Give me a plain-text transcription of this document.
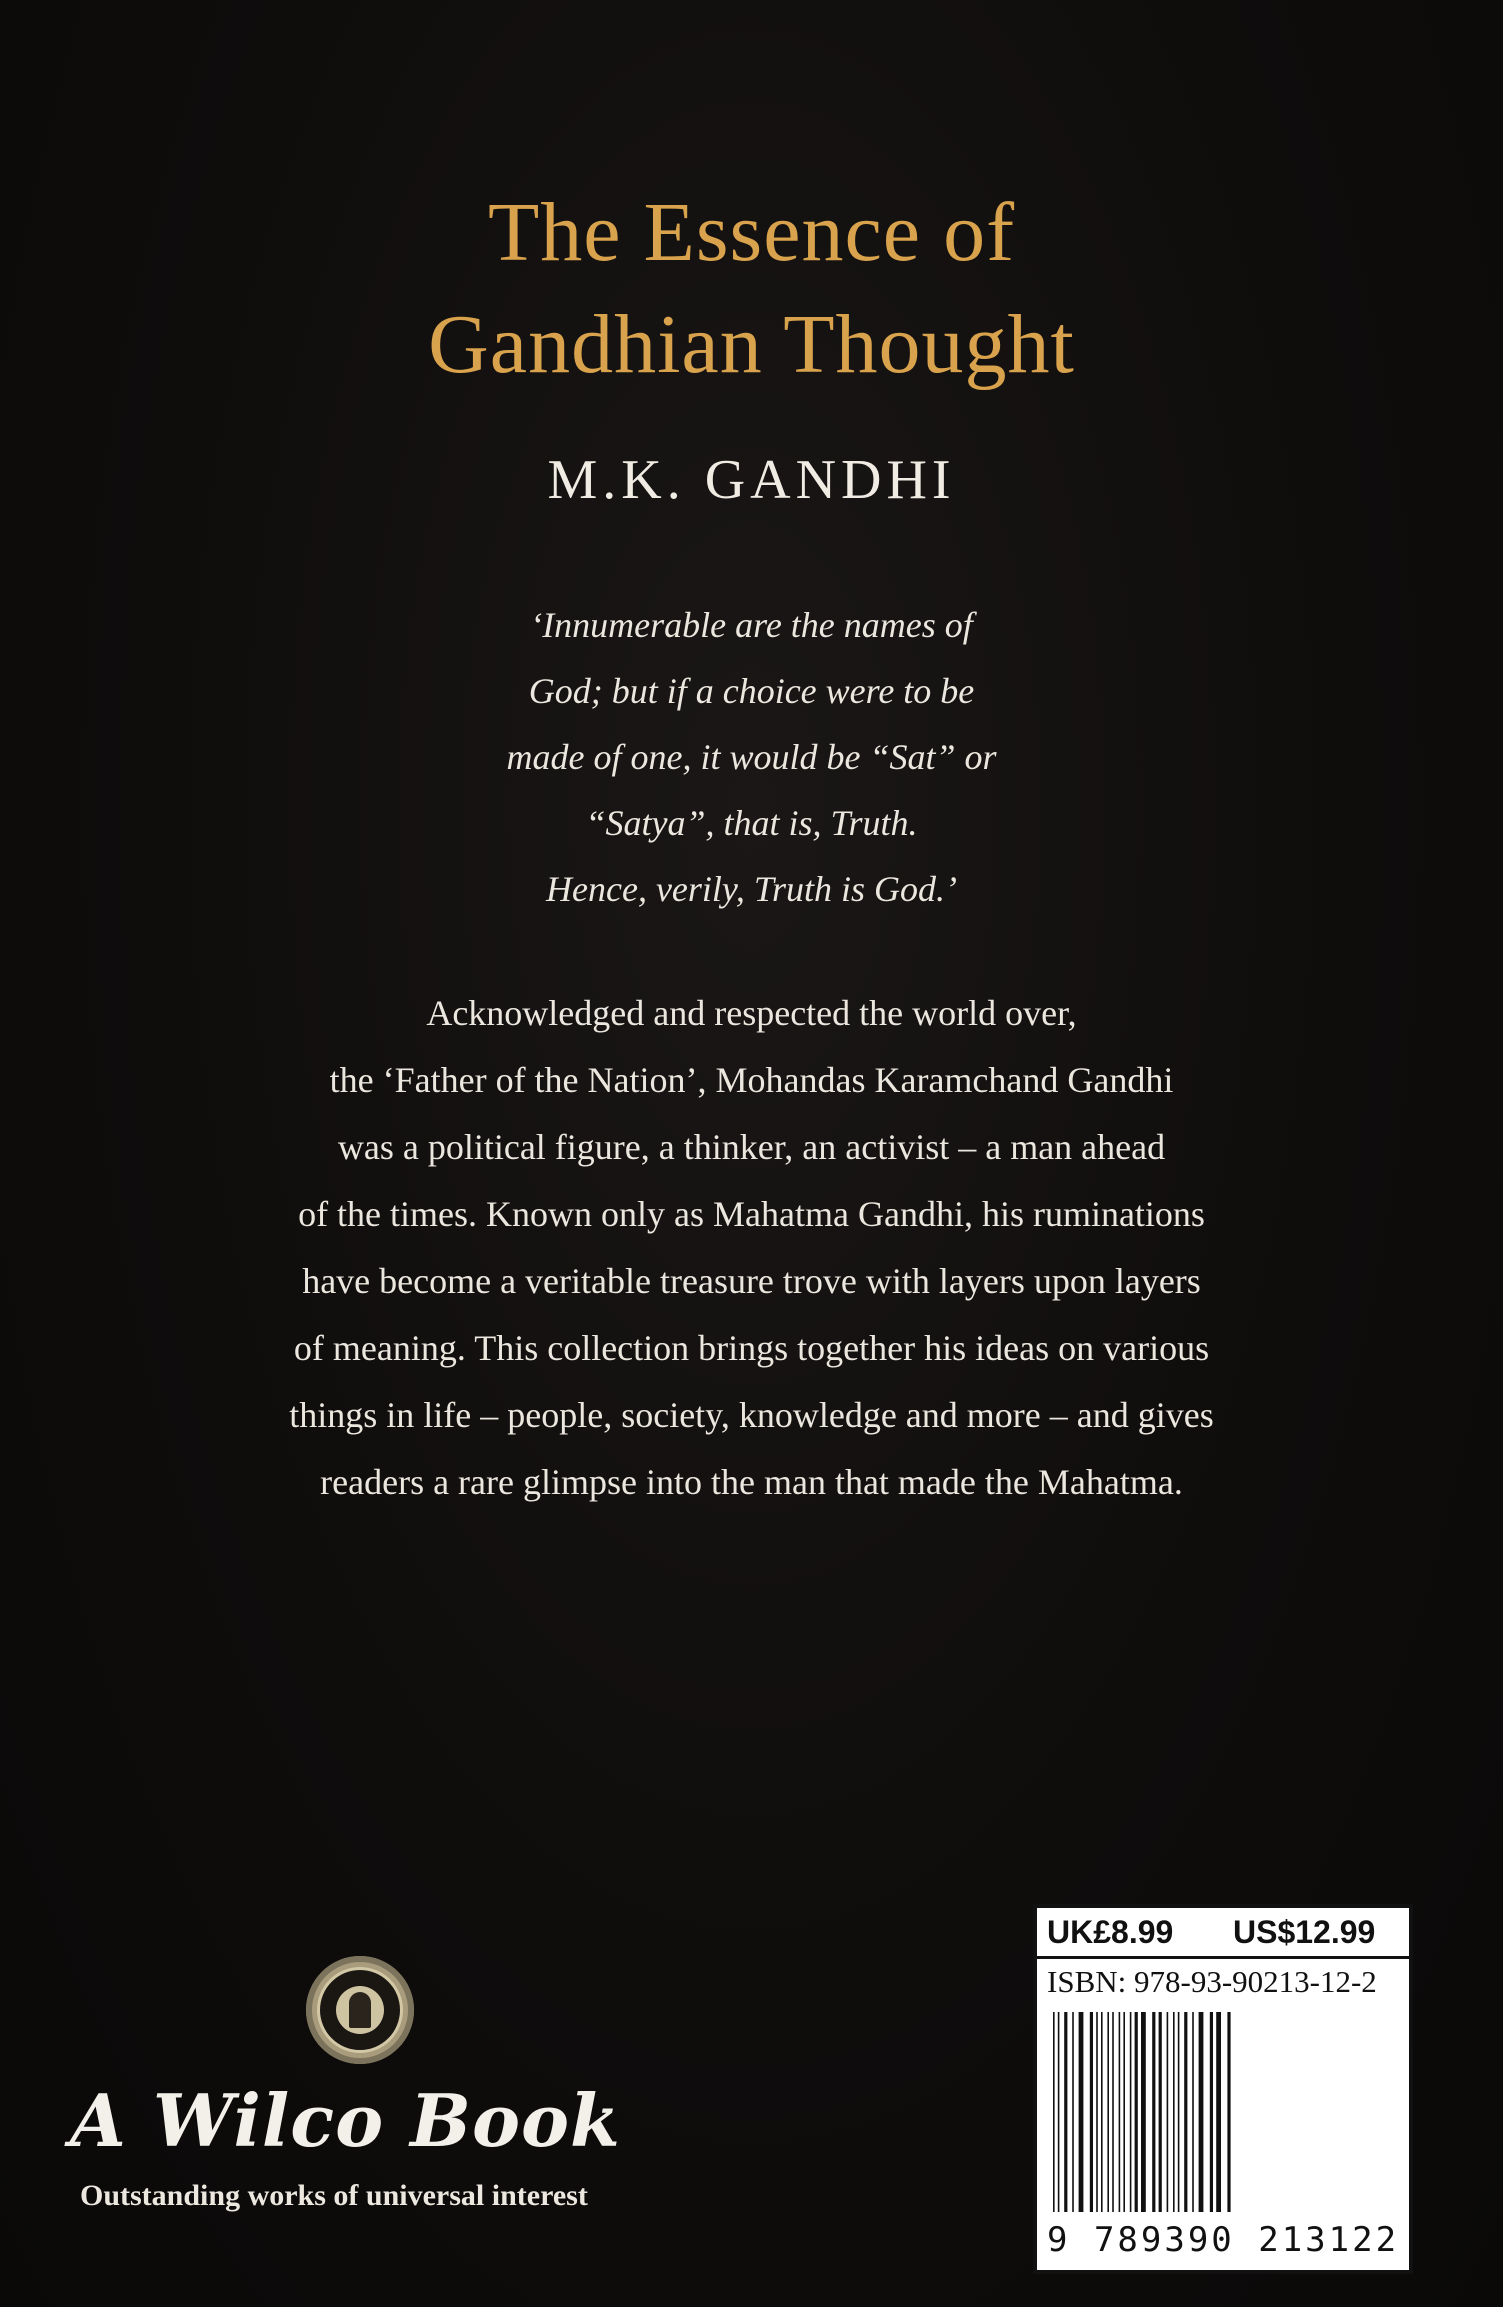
The Essence of
Gandhian Thought
M.K. GANDHI
‘Innumerable are the names of
God; but if a choice were to be
made of one, it would be “Sat” or
“Satya”, that is, Truth.
Hence, verily, Truth is God.’
Acknowledged and respected the world over,
the ‘Father of the Nation’, Mohandas Karamchand Gandhi
was a political figure, a thinker, an activist – a man ahead
of the times. Known only as Mahatma Gandhi, his ruminations
have become a veritable treasure trove with layers upon layers
of meaning. This collection brings together his ideas on various
things in life – people, society, knowledge and more – and gives
readers a rare glimpse into the man that made the Mahatma.
A Wilco Book
Outstanding works of universal interest
UK£8.99 US$12.99
ISBN: 978-93-90213-12-2
9 789390 213122
